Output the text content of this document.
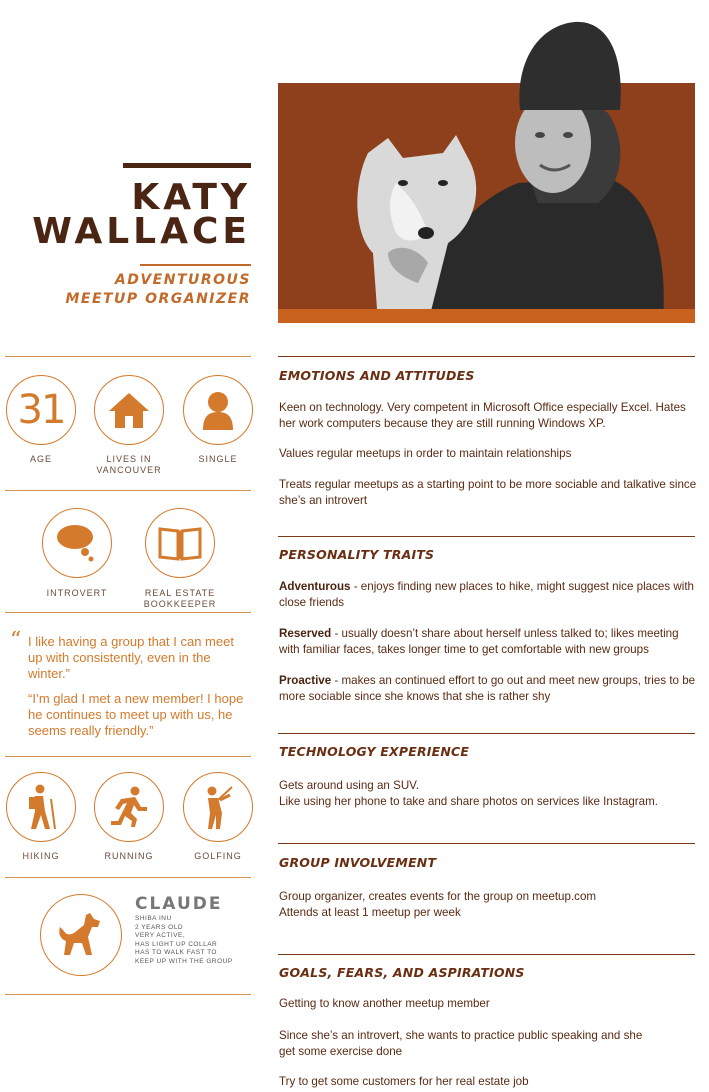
KATY
WALLACE
ADVENTUROUS
MEETUP ORGANIZER
31
AGE	LIVES IN
VANCOUVER
SINGLE
INTROVERT	REAL ESTATE BOOKKEEPER
“ I like having a group that I can meet up with consistently, even in the winter.”
“I’m glad I met a new member! I hope he continues to meet up with us, he seems really friendly.”
HIKING	RUNNING	GOLFING
CLAUDE
SHIBA INU
2 YEARS OLD
VERY ACTIVE,
HAS LIGHT UP COLLAR
HAS TO WALK FAST TO
KEEP UP WITH THE GROUP
EMOTIONS AND ATTITUDES
Keen on technology. Very competent in Microsoft Office especially Excel. Hates her work computers because they are still running Windows XP.
Values regular meetups in order to maintain relationships
Treats regular meetups as a starting point to be more sociable and talkative since she’s an introvert
PERSONALITY TRAITS
Adventurous - enjoys finding new places to hike, might suggest nice places with close friends
Reserved - usually doesn’t share about herself unless talked to; likes meeting with familiar faces, takes longer time to get comfortable with new groups
Proactive - makes an continued effort to go out and meet new groups, tries to be more sociable since she knows that she is rather shy
TECHNOLOGY EXPERIENCE
Gets around using an SUV.
Like using her phone to take and share photos on services like Instagram.
GROUP INVOLVEMENT
Group organizer, creates events for the group on meetup.com
Attends at least 1 meetup per week
GOALS, FEARS, AND ASPIRATIONS
Getting to know another meetup member
Since she’s an introvert, she wants to practice public speaking and she get some exercise done
Try to get some customers for her real estate job
